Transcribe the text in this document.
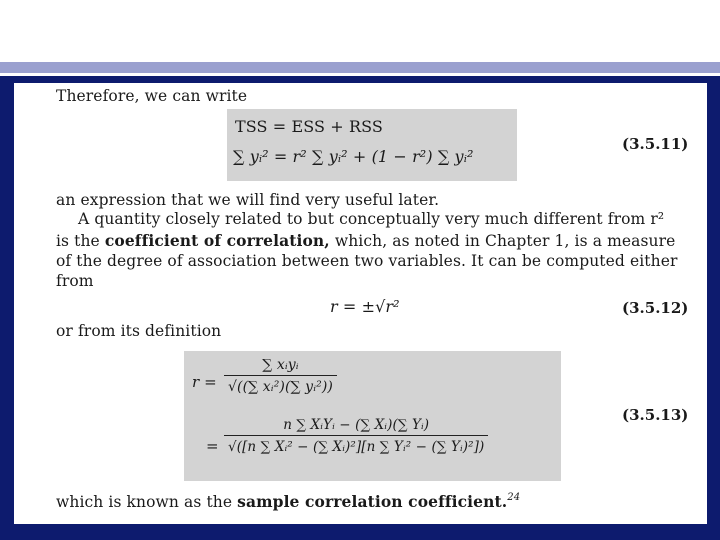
Therefore, we can write
TSS = ESS + RSS
∑ yᵢ² = r² ∑ yᵢ² + (1 − r²) ∑ yᵢ²
(3.5.11)
an expression that we will find very useful later.
A quantity closely related to but conceptually very much different from r²
is the coefficient of correlation, which, as noted in Chapter 1, is a measure
of the degree of association between two variables. It can be computed either
from
r = ±√r²	(3.5.12)
or from its definition
$r = \frac{\text{∑ xᵢyᵢ}}{\text{√((∑ xᵢ²)(∑ yᵢ²))}}$
= $\frac{\text{n ∑ XᵢYᵢ − (∑ Xᵢ)(∑ Yᵢ)}}{\text{√([n ∑ Xᵢ² − (∑ Xᵢ)²][n ∑ Yᵢ² − (∑ Yᵢ)²])}}$
(3.5.13)
which is known as the sample correlation coefficient.$^{24}$
